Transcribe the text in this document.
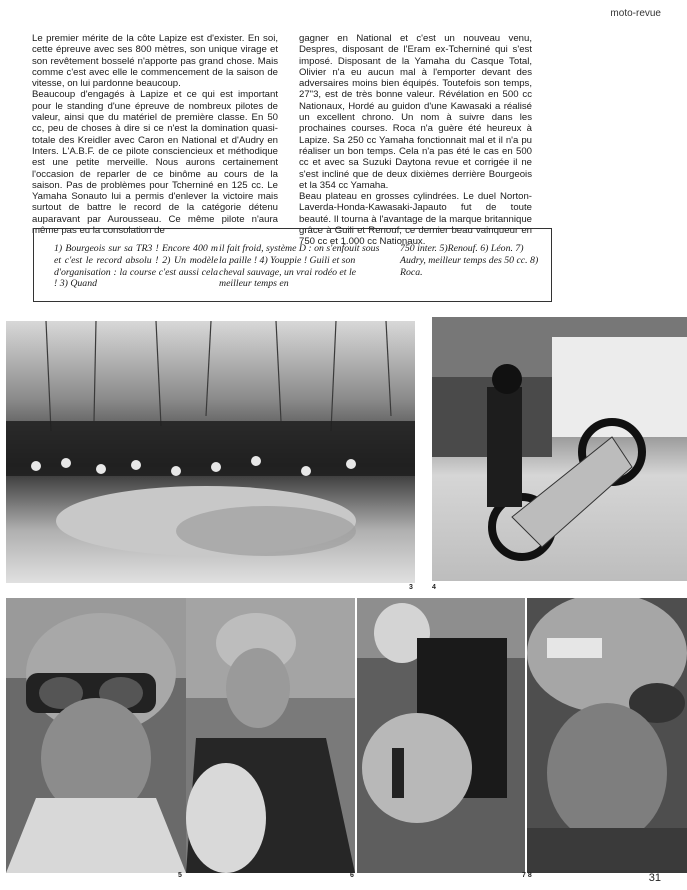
moto-revue

Le premier mérite de la côte Lapize est d'exister. En soi, cette épreuve avec ses 800 mètres, son unique virage et son revêtement bosselé n'apporte pas grand chose. Mais comme c'est avec elle le commencement de la saison de vitesse, on lui pardonne beaucoup.

Beaucoup d'engagés à Lapize et ce qui est important pour le standing d'une épreuve de nombreux pilotes de valeur, ainsi que du matériel de première classe. En 50 cc, peu de choses à dire si ce n'est la domination quasi-totale des Kreidler avec Caron en National et d'Audry en Inters. L'A.B.F. de ce pilote consciencieux et méthodique est une petite merveille. Nous aurons certainement l'occasion de reparler de ce binôme au cours de la saison. Pas de problèmes pour Tcherniné en 125 cc. Le Yamaha Sonauto lui a permis d'enlever la victoire mais surtout de battre le record de la catégorie détenu auparavant par Aurousseau. Ce même pilote n'aura même pas eu la consolation de

gagner en National et c'est un nouveau venu, Despres, disposant de l'Eram ex-Tcherniné qui s'est imposé. Disposant de la Yamaha du Casque Total, Olivier n'a eu aucun mal à l'emporter devant des adversaires moins bien équipés. Toutefois son temps, 27"3, est de très bonne valeur. Révélation en 500 cc Nationaux, Hordé au guidon d'une Kawasaki a réalisé un excellent chrono. Un nom à suivre dans les prochaines courses. Roca n'a guère été heureux à Lapize. Sa 250 cc Yamaha fonctionnait mal et il n'a pu réaliser un bon temps. Cela n'a pas été le cas en 500 cc et avec sa Suzuki Daytona revue et corrigée il ne s'est incliné que de deux dixièmes derrière Bourgeois et la 354 cc Yamaha.

Beau plateau en grosses cylindrées. Le duel Norton-Laverda-Honda-Kawasaki-Japauto fut de toute beauté. Il tourna à l'avantage de la marque britannique grâce à Guili et Renouf, ce dernier beau vainqueur en 750 cc et 1.000 cc Nationaux.

1) Bourgeois sur sa TR3 ! Encore 400 m et c'est le record absolu ! 2) Un modèle d'organisation : la course c'est aussi cela ! 3) Quand
il fait froid, système D : on s'enfouit sous la paille ! 4) Youppie ! Guili et son cheval sauvage, un vrai rodéo et le meilleur temps en
750 inter. 5)Renouf. 6) Léon. 7) Audry, meilleur temps des 50 cc. 8) Roca.
3	4
5	6	7 8	31
